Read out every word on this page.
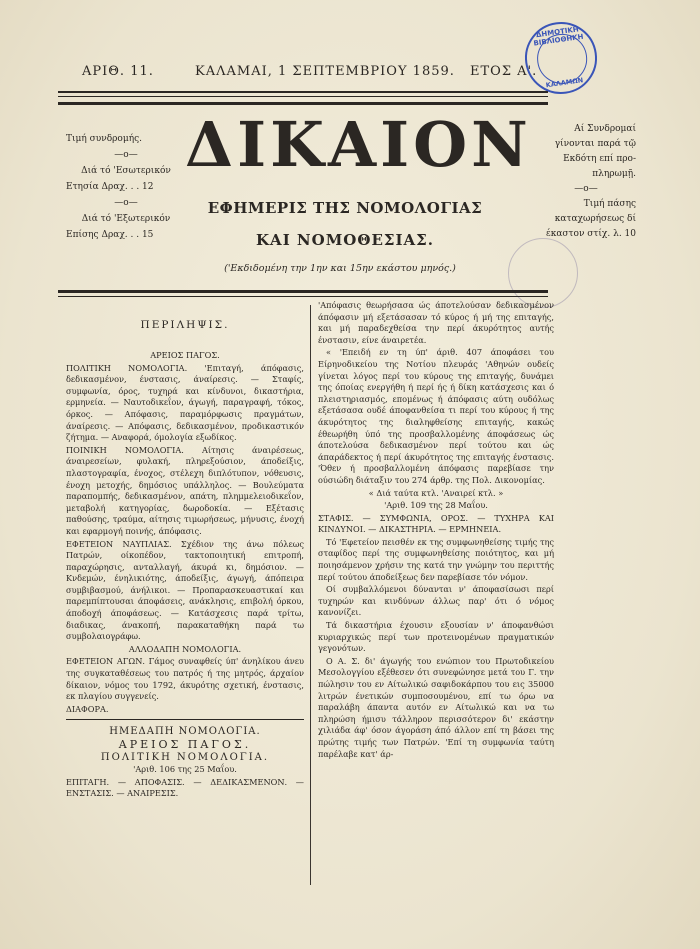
ΑΡΙΘ. 11.	ΚΑΛΑΜΑΙ, 1 ΣΕΠΤΕΜΒΡΙΟΥ 1859. ΕΤΟΣ Α'.
ΔΗΜΟΤΙΚΗ ΒΙΒΛΙΟΘΗΚΗ
ΚΑΛΑΜΩΝ

Τιμή συνδρομής.

—ο—

Διά τό 'Εσωτερικόν

Ετησία Δραχ. . . 12

—ο—

Διά τό 'Εξωτερικόν

Επίσης Δραχ. . . 15

ΔΙΚΑΙΟΝ
ΕΦΗΜΕΡΙΣ ΤΗΣ ΝΟΜΟΛΟΓΙΑΣ
ΚΑΙ ΝΟΜΟΘΕΣΙΑΣ.
('Εκδιδομένη την 1ην και 15ην εκάστου μηνός.)

Αί Συνδρομαί

γίνονται παρά τῷ

Εκδότη επί προ-

πληρωμῇ.

—ο—

Τιμή πάσης

καταχωρήσεως δί

έκαστον στίχ. λ. 10

ΠΕΡΙΛΗΨΙΣ.

ΑΡΕΙΟΣ ΠΑΓΟΣ.

ΠΟΛΙΤΙΚΗ ΝΟΜΟΛΟΓΙΑ. 'Επιταγή, άπόφασις, δεδικασμένον, ένστασις, άναίρεσις. — Σταφίς, συμφωνία, όρος, τυχηρά και κίνδυνοι, δικαστήρια, ερμηνεία. — Ναυτοδικεΐον, άγωγή, παραγραφή, τόκος, όρκος. — Απόφασις, παραμόρφωσις πραγμάτων, άναίρεσις. — Απόφασις, δεδικασμένον, προδικαστικόν ζήτημα. — Αναφορά, όμολογία εξωδίκος.

ΠΟΙΝΙΚΗ ΝΟΜΟΛΟΓΙΑ. Αίτησις άναιρέσεως, άναιρεσείων, φυλακή, πληρεξούσιον, άποδείξις, πλαστογραφία, ένοχος, στέλεχη διπλότυπον, νόθευσις, ένοχη μετοχής, δημόσιος υπάλληλος. — Βουλεύματα παραπομπής, δεδικασμένον, απάτη, πλημμελειοδικεΐον, μεταβολή κατηγορίας, δωροδοκία. — Εξέτασις παθούσης, τραύμα, αίτησις τιμωρήσεως, μήνυσις, ένοχή και εφαρμογή ποινής, άπόφασις.

ΕΦΕΤΕΙΟΝ ΝΑΥΠΛΙΑΣ. Σχέδιον της άνω πόλεως Πατρών, οίκοπέδον, τακτοποιητική επιτροπή, παραχώρησις, ανταλλαγή, άκυρά κι, δημόσιον. — Κνδεμών, ένηλικιότης, άποδείξις, άγωγή, άπόπειρα συμβιβασμού, άνήλικοι. — Προπαρασκευαστικαί και παρεμπίπτουσαι άποφάσεις, ανάκλησις, επιβολή όρκου, άποδοχή άποφάσεως. — Κατάσχεσις παρά τρίτω, διαδικας, άνακοπή, παρακαταθήκη παρά τω συμβολαιογράφω.

ΑΛΛΟΔΑΠΗ ΝΟΜΟΛΟΓΙΑ.

ΕΦΕΤΕΙΟΝ ΑΓΩΝ. Γάμος συναφθείς ύπ' άνηλίκου άνευ της συγκαταθέσεως του πατρός ή της μητρός, άρχαίον δίκαιον, νόμος του 1792, άκυρότης σχετική, ένστασις, εκ πλαγίου συγγενείς.

ΔΙΑΦΟΡΑ.

ΗΜΕΔΑΠΗ ΝΟΜΟΛΟΓΙΑ.

ΑΡΕΙΟΣ ΠΑΓΟΣ.

ΠΟΛΙΤΙΚΗ ΝΟΜΟΛΟΓΙΑ.

'Αριθ. 106 της 25 Μαΐου.

ΕΠΙΤΑΓΗ. — ΑΠΟΦΑΣΙΣ. — ΔΕΔΙΚΑΣΜΕΝΟΝ. — ΕΝΣΤΑΣΙΣ. — ΑΝΑΙΡΕΣΙΣ.

'Απόφασις θεωρήσασα ώς άποτελούσαν δεδικασμένον άπόφασιν μή εξετάσασαν τό κύρος ή μή της επιταγής, και μή παραδεχθείσα την περί άκυρότητος αυτής ένστασιν, είνε άναιρετέα.

« 'Επειδή εν τη ύπ' άριθ. 407 άποφάσει του Είρηνοδικείου της Νοτίου πλευράς 'Αθηνών ουδείς γίνεται λόγος περί του κύρους της επιταγής, δυνάμει της όποίας ενεργήθη ή περί ής ή δίκη κατάσχεσις και ό πλειστηριασμός, επομένως ή άπόφασις αύτη ουδόλως εξετάσασα ουδέ άποφανθείσα τι περί του κύρους ή της άκυρότητος της διαληφθείσης επιταγής, κακώς έθεωρήθη ύπό της προσβαλλομένης άποφάσεως ώς άποτελούσα δεδικασμένον περί τούτου και ώς άπαράδεκτος ή περί άκυρότητος της επιταγής ένστασις. 'Όθεν ή προσβαλλομένη άπόφασις παρεβίασε την ούσιώδη διάταξιν του 274 άρθρ. της Πολ. Δικονομίας.

« Διά ταύτα κτλ. 'Αναιρεί κτλ. »

'Αριθ. 109 της 28 Μαΐου.

ΣΤΑΦΙΣ. — ΣΥΜΦΩΝΙΑ, ΟΡΟΣ. — ΤΥΧΗΡΑ ΚΑΙ ΚΙΝΔΥΝΟΙ. — ΔΙΚΑΣΤΗΡΙΑ. — ΕΡΜΗΝΕΙΑ.

Τό 'Εφετείον πεισθέν εκ της συμφωνηθείσης τιμής της σταφίδος περί της συμφωνηθείσης ποιότητος, και μή ποιησάμενον χρήσιν της κατά την γνώμην του περιττής περί τούτου άποδείξεως δεν παρεβίασε τόν νόμον.

Οί συμβαλλόμενοι δύνανται ν' άποφασίσωσι περί τυχηρών και κινδύνων άλλως παρ' ότι ό νόμος κανονίζει.

Τά δικαστήρια έχουσιν εξουσίαν ν' άποφανθώσι κυριαρχικώς περί των προτεινομένων πραγματικών γεγονότων.

Ο Α. Σ. δι' άγωγής του ενώπιον του Πρωτοδικείου Μεσολογγίου εξέθεσεν ότι συνεφώνησε μετά του Γ. την πώλησιν του εν Αίτωλικώ σαφιδοκάρπου του εις 35000 λιτρών ένετικών συμποσουμένου, επί τω όρω να παραλάβη άπαντα αυτόν εν Αίτωλικώ και να τω πληρώση ήμισυ τάλληρον περισσότερον δι' εκάστην χιλιάδα άφ' όσον άγοράση άπό άλλον επί τη βάσει της πρώτης τιμής των Πατρών. 'Επί τη συμφωνία ταύτη παρέλαβε κατ' άρ-
